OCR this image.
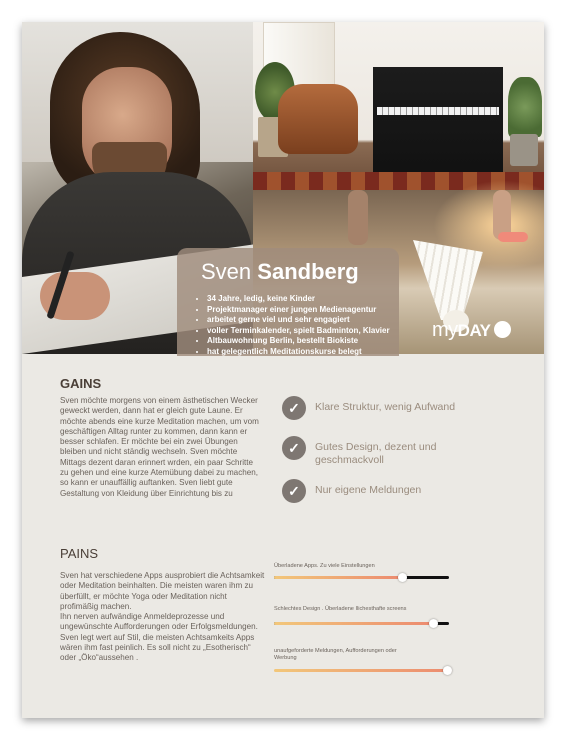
Sven Sandberg
• 34 Jahre, ledig, keine Kinder
• Projektmanager einer jungen Medienagentur
• arbeitet gerne viel und sehr engagiert
• voller Terminkalender, spielt Badminton, Klavier
• Altbauwohnung Berlin, bestellt Biokiste
• hat gelegentlich Meditationskurse belegt
myDAY
GAINS

Sven möchte morgens von einem ästhetischen Wecker geweckt werden, dann hat er gleich gute Laune. Er möchte abends eine kurze Meditation machen, um vom geschäftigen Alltag runter zu kommen, dann kann er besser schlafen. Er möchte bei ein zwei Übungen bleiben und nicht ständig wechseln. Sven möchte Mittags dezent daran erinnert wrden, ein paar Schritte zu gehen und eine kurze Atemübung dabei zu machen, so kann er unauffällig auftanken. Sven liebt gute Gestaltung von Kleidung über Einrichtung bis zu

✓	Klare Struktur, wenig Aufwand
✓	Gutes Design, dezent und geschmackvoll
✓	Nur eigene Meldungen
PAINS

Sven hat verschiedene Apps ausprobiert die Achtsamkeit oder Meditation beinhalten. Die meisten waren ihm zu überfüllt, er möchte Yoga oder Meditation nicht profimäßig machen.

Ihn nerven aufwändige Anmeldeprozesse und ungewünschte Aufforderungen oder Erfolgsmeldungen.

Sven legt wert auf Stil, die meisten Achtsamkeits Apps wären ihm fast peinlich. Es soll nicht zu „Esotherisch“ oder „Öko“aussehen .

Überladene Apps. Zu viele Einstellungen
Schlechtes Design . Überladene Ilichesthafte screens
unaufgeforderte Meldungen, Aufforderungen oder Werbung
